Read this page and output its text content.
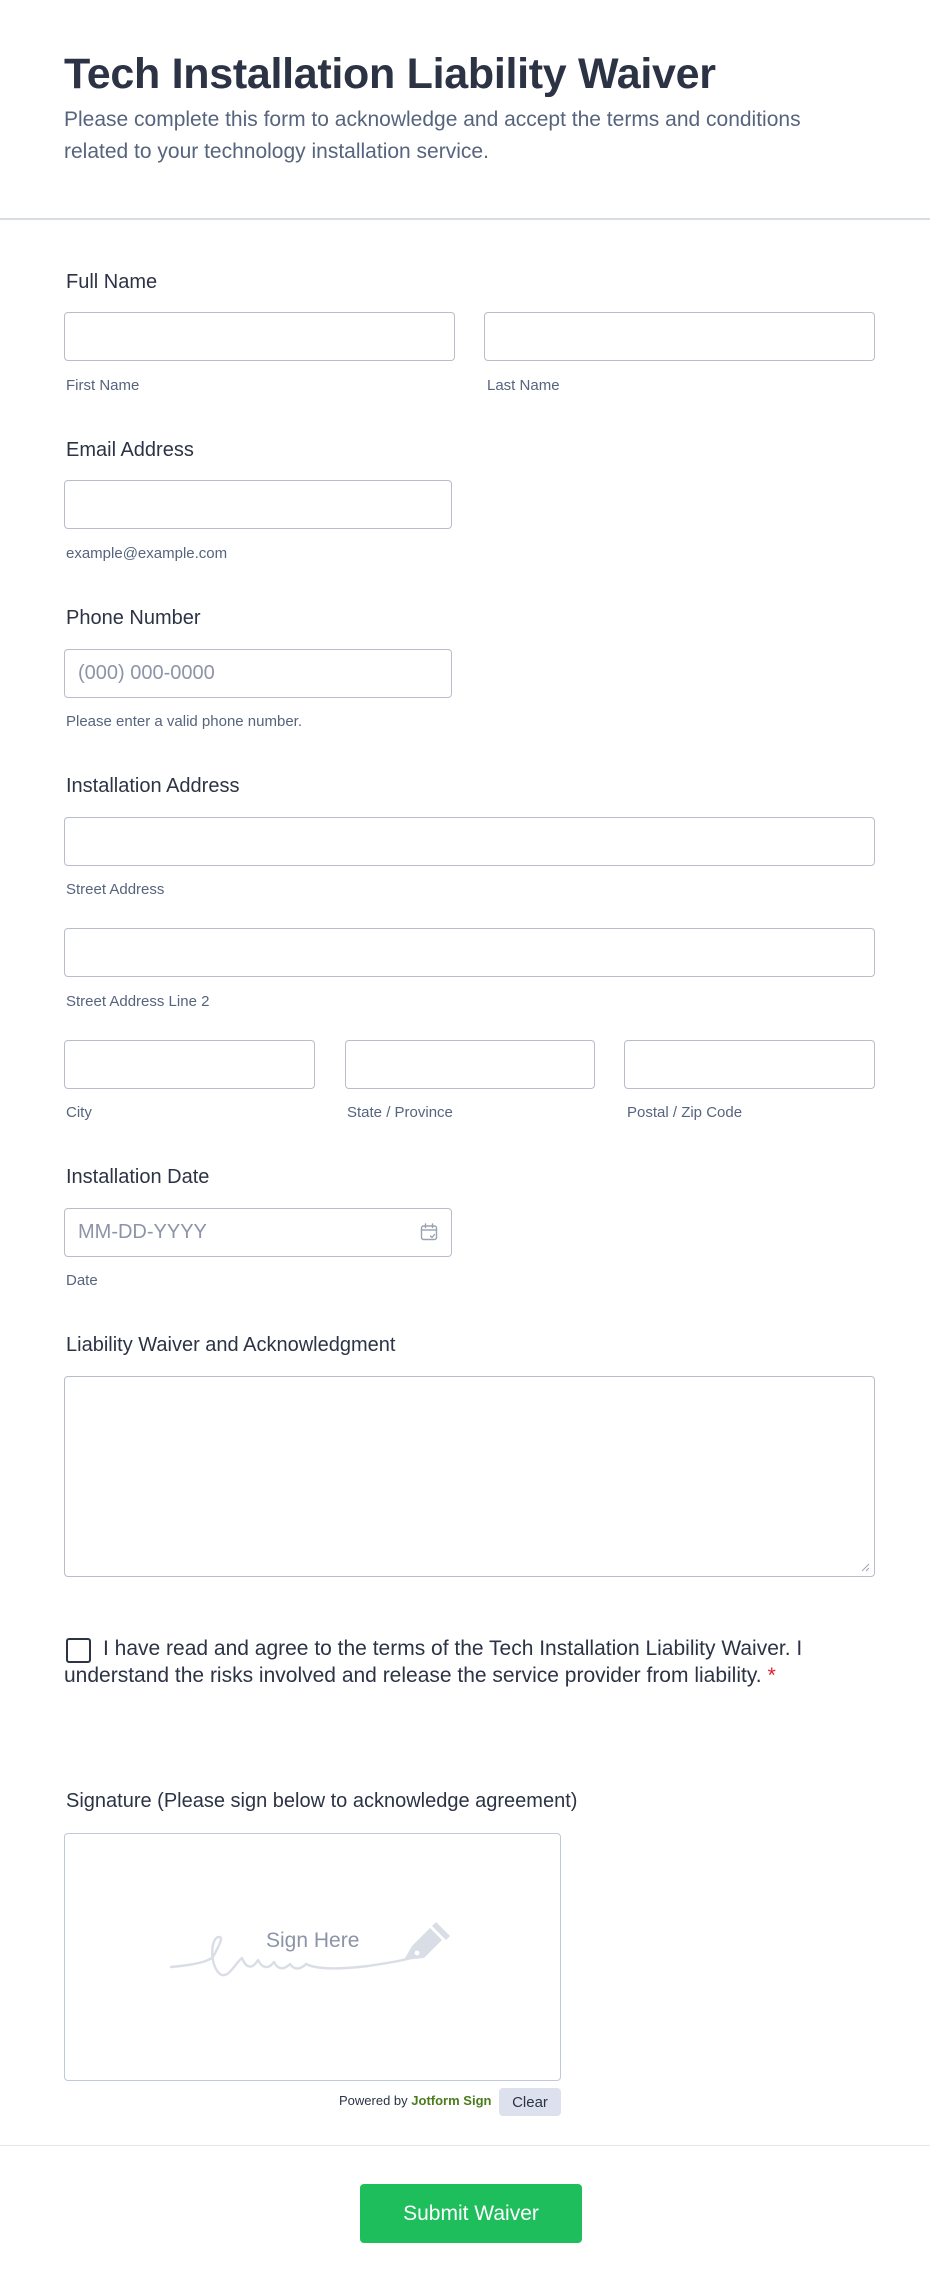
Tech Installation Liability Waiver

Please complete this form to acknowledge and accept the terms and conditions related to your technology installation service.

Full Name
First Name	Last Name
Email Address
example@example.com
Phone Number
(000) 000-0000
Please enter a valid phone number.
Installation Address
Street Address
Street Address Line 2
City	State / Province	Postal / Zip Code
Installation Date
MM-DD-YYYY
Date
Liability Waiver and Acknowledgment

I have read and agree to the terms of the Tech Installation Liability Waiver. I understand the risks involved and release the service provider from liability. *

Signature (Please sign below to acknowledge agreement)
Sign Here
Powered by Jotform Sign	Clear
Submit Waiver
